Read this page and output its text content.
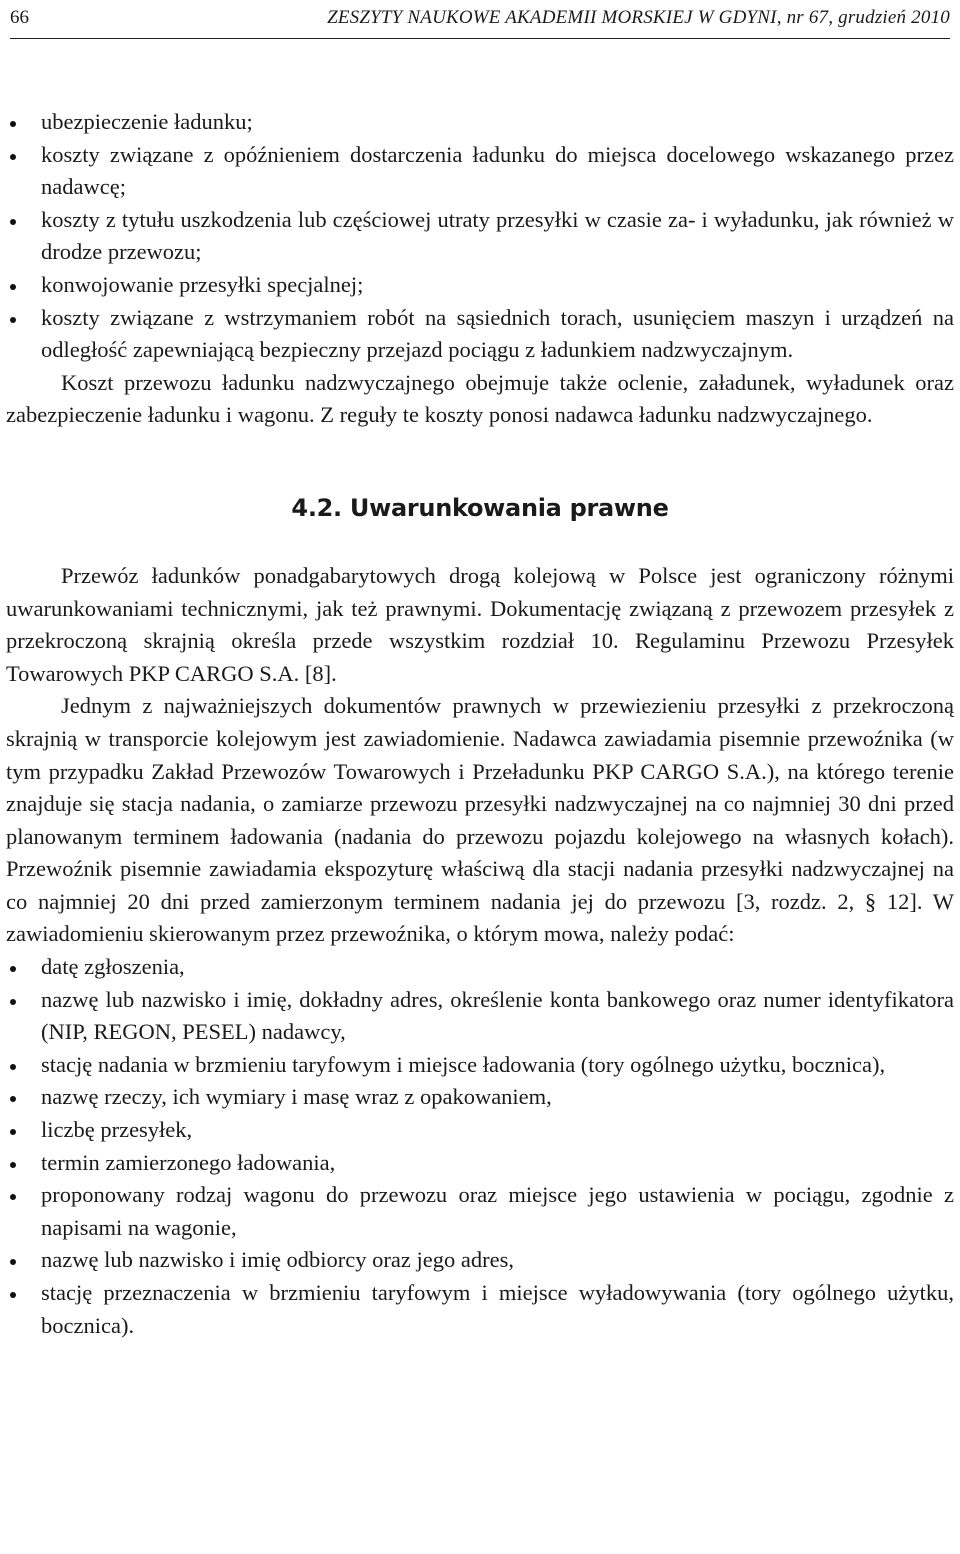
66	ZESZYTY NAUKOWE AKADEMII MORSKIEJ W GDYNI, nr 67, grudzień 2010
ubezpieczenie ładunku;
koszty związane z opóźnieniem dostarczenia ładunku do miejsca docelowego wskazanego przez nadawcę;
koszty z tytułu uszkodzenia lub częściowej utraty przesyłki w czasie za- i wyładunku, jak również w drodze przewozu;
konwojowanie przesyłki specjalnej;
koszty związane z wstrzymaniem robót na sąsiednich torach, usunięciem maszyn i urządzeń na odległość zapewniającą bezpieczny przejazd pociągu z ładunkiem nadzwyczajnym.

Koszt przewozu ładunku nadzwyczajnego obejmuje także oclenie, załadunek, wyładunek oraz zabezpieczenie ładunku i wagonu. Z reguły te koszty ponosi nadawca ładunku nadzwyczajnego.

4.2. Uwarunkowania prawne

Przewóz ładunków ponadgabarytowych drogą kolejową w Polsce jest ograniczony różnymi uwarunkowaniami technicznymi, jak też prawnymi. Dokumentację związaną z przewozem przesyłek z przekroczoną skrajnią określa przede wszystkim rozdział 10. Regulaminu Przewozu Przesyłek Towarowych PKP CARGO S.A. [8].

Jednym z najważniejszych dokumentów prawnych w przewiezieniu przesyłki z przekroczoną skrajnią w transporcie kolejowym jest zawiadomienie. Nadawca zawiadamia pisemnie przewoźnika (w tym przypadku Zakład Przewozów Towarowych i Przeładunku PKP CARGO S.A.), na którego terenie znajduje się stacja nadania, o zamiarze przewozu przesyłki nadzwyczajnej na co najmniej 30 dni przed planowanym terminem ładowania (nadania do przewozu pojazdu kolejowego na własnych kołach). Przewoźnik pisemnie zawiadamia ekspozyturę właściwą dla stacji nadania przesyłki nadzwyczajnej na co najmniej 20 dni przed zamierzonym terminem nadania jej do przewozu [3, rozdz. 2, § 12]. W zawiadomieniu skierowanym przez przewoźnika, o którym mowa, należy podać:

datę zgłoszenia,
nazwę lub nazwisko i imię, dokładny adres, określenie konta bankowego oraz numer identyfikatora (NIP, REGON, PESEL) nadawcy,
stację nadania w brzmieniu taryfowym i miejsce ładowania (tory ogólnego użytku, bocznica),
nazwę rzeczy, ich wymiary i masę wraz z opakowaniem,
liczbę przesyłek,
termin zamierzonego ładowania,
proponowany rodzaj wagonu do przewozu oraz miejsce jego ustawienia w pociągu, zgodnie z napisami na wagonie,
nazwę lub nazwisko i imię odbiorcy oraz jego adres,
stację przeznaczenia w brzmieniu taryfowym i miejsce wyładowywania (tory ogólnego użytku, bocznica).
